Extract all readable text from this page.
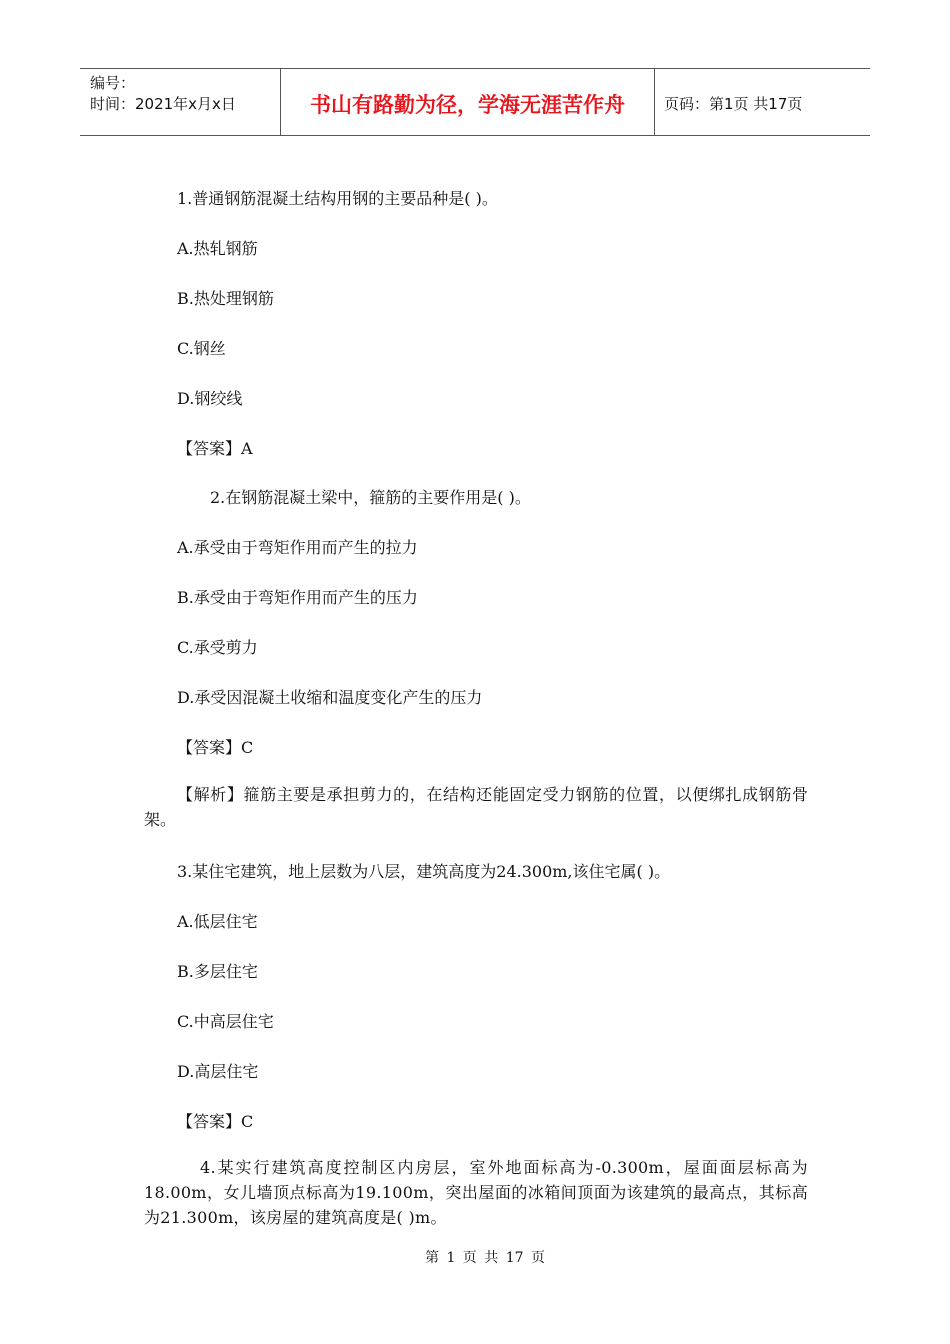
编号：
时间：2021年x月x日	书山有路勤为径，学海无涯苦作舟	页码：第1页 共17页
1.普通钢筋混凝土结构用钢的主要品种是( )。
A.热轧钢筋
B.热处理钢筋
C.钢丝
D.钢绞线
【答案】A
2.在钢筋混凝土梁中，箍筋的主要作用是( )。
A.承受由于弯矩作用而产生的拉力
B.承受由于弯矩作用而产生的压力
C.承受剪力
D.承受因混凝土收缩和温度变化产生的压力
【答案】C
【解析】箍筋主要是承担剪力的，在结构还能固定受力钢筋的位置，以便绑扎成钢筋骨架。
3.某住宅建筑，地上层数为八层，建筑高度为24.300m,该住宅属( )。
A.低层住宅
B.多层住宅
C.中高层住宅
D.高层住宅
【答案】C
4.某实行建筑高度控制区内房层，室外地面标高为-0.300m，屋面面层标高为18.00m，女儿墙顶点标高为19.100m，突出屋面的冰箱间顶面为该建筑的最高点，其标高为21.300m，该房屋的建筑高度是( )m。
第 1 页 共 17 页
